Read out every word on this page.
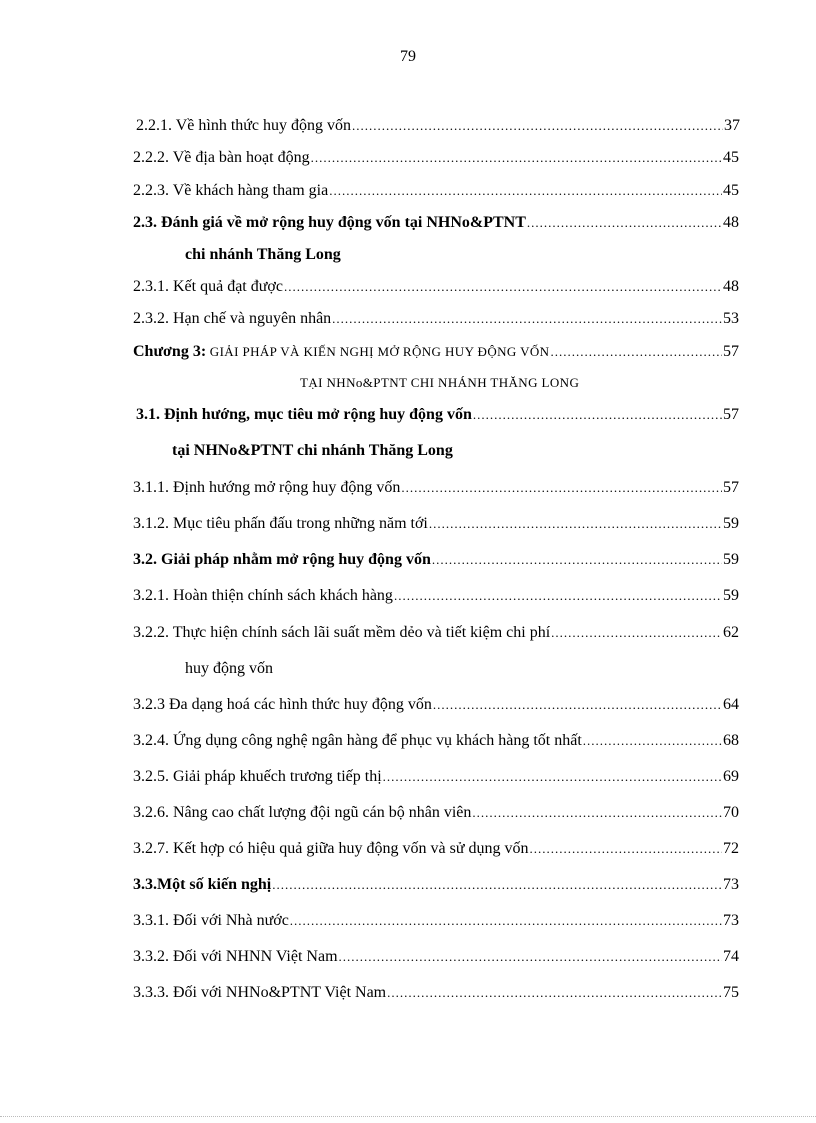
79
2.2.1. Về hình thức huy động vốn .....	37
2.2.2. Về địa bàn hoạt động .....	45
2.2.3. Về khách hàng tham gia .....	45
2.3. Đánh giá về mở rộng huy động vốn tại NHNo&PTNT .....	48
chi nhánh Thăng Long
2.3.1. Kết quả đạt được .....	48
2.3.2. Hạn chế và nguyên nhân .....	53
Chương 3: GIẢI PHÁP VÀ KIẾN NGHỊ MỞ RỘNG HUY ĐỘNG VỐN .....	57
TẠI NHNo&PTNT CHI NHÁNH THĂNG LONG
3.1. Định hướng, mục tiêu mở rộng huy động vốn .....	57
tại NHNo&PTNT chi nhánh Thăng Long
3.1.1. Định hướng mở rộng huy động vốn .....	57
3.1.2. Mục tiêu phấn đấu trong những năm tới .....	59
3.2. Giải pháp nhằm mở rộng huy động vốn .....	59
3.2.1. Hoàn thiện chính sách khách hàng .....	59
3.2.2. Thực hiện chính sách lãi suất mềm dẻo và tiết kiệm chi phí .....	62
huy động vốn
3.2.3 Đa dạng hoá các hình thức huy động vốn .....	64
3.2.4. Ứng dụng công nghệ ngân hàng để phục vụ khách hàng tốt nhất .....	68
3.2.5. Giải pháp khuếch trương tiếp thị .....	69
3.2.6. Nâng cao chất lượng đội ngũ cán bộ nhân viên .....	70
3.2.7. Kết hợp có hiệu quả giữa huy động vốn và sử dụng vốn .....	72
3.3.Một số kiến nghị .....	73
3.3.1. Đối với Nhà nước .....	73
3.3.2. Đối với NHNN Việt Nam .....	74
3.3.3. Đối với NHNo&PTNT Việt Nam .....	75
